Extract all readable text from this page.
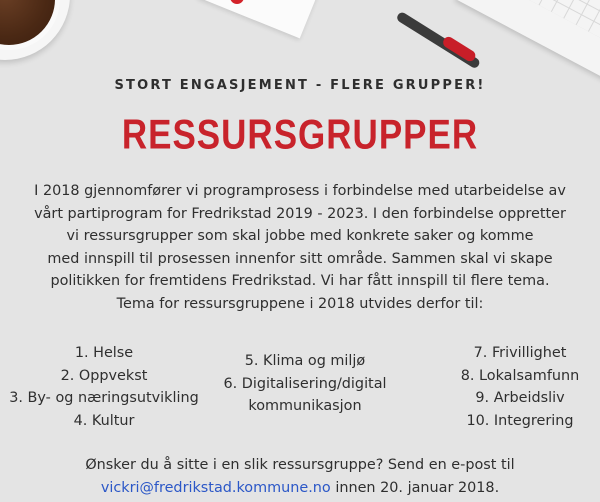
STORT ENGASJEMENT - FLERE GRUPPER!
RESSURSGRUPPER
I 2018 gjennomfører vi programprosess i forbindelse med utarbeidelse av
vårt partiprogram for Fredrikstad 2019 - 2023. I den forbindelse oppretter
vi ressursgrupper som skal jobbe med konkrete saker og komme
med innspill til prosessen innenfor sitt område. Sammen skal vi skape
politikken for fremtidens Fredrikstad. Vi har fått innspill til flere tema.
Tema for ressursgruppene i 2018 utvides derfor til:
1. Helse
2. Oppvekst
3. By- og næringsutvikling
4. Kultur
5. Klima og miljø
6. Digitalisering/digital
kommunikasjon
7. Frivillighet
8. Lokalsamfunn
9. Arbeidsliv
10. Integrering
Ønsker du å sitte i en slik ressursgruppe? Send en e-post til
vickri@fredrikstad.kommune.no innen 20. januar 2018.
